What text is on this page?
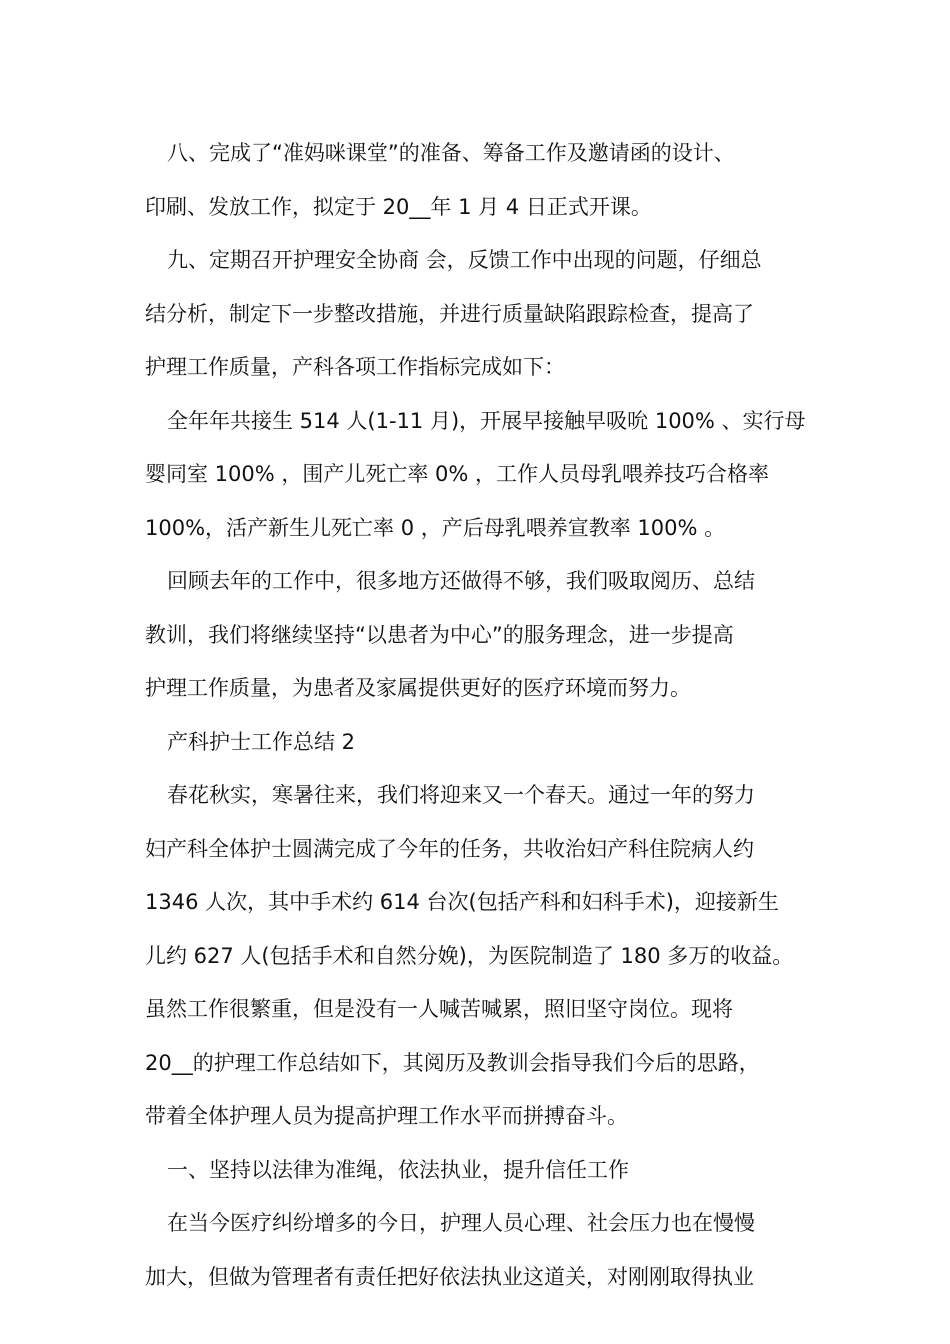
八、完成了“准妈咪课堂”的准备、筹备工作及邀请函的设计、
印刷、发放工作，拟定于 20__年 1 月 4 日正式开课。
九、定期召开护理安全协商 会，反馈工作中出现的问题，仔细总
结分析，制定下一步整改措施，并进行质量缺陷跟踪检查，提高了
护理工作质量，产科各项工作指标完成如下：
全年年共接生 514 人(1-11 月)，开展早接触早吸吮 100% 、实行母
婴同室 100% ，围产儿死亡率 0% ，工作人员母乳喂养技巧合格率
100%，活产新生儿死亡率 0 ，产后母乳喂养宣教率 100% 。
回顾去年的工作中，很多地方还做得不够，我们吸取阅历、总结
教训，我们将继续坚持“以患者为中心”的服务理念，进一步提高
护理工作质量，为患者及家属提供更好的医疗环境而努力。
产科护士工作总结 2
春花秋实，寒暑往来，我们将迎来又一个春天。通过一年的努力
妇产科全体护士圆满完成了今年的任务，共收治妇产科住院病人约
1346 人次，其中手术约 614 台次(包括产科和妇科手术)，迎接新生
儿约 627 人(包括手术和自然分娩)，为医院制造了 180 多万的收益。
虽然工作很繁重，但是没有一人喊苦喊累，照旧坚守岗位。现将
20__的护理工作总结如下，其阅历及教训会指导我们今后的思路，
带着全体护理人员为提高护理工作水平而拼搏奋斗。
一、坚持以法律为准绳，依法执业，提升信任工作
在当今医疗纠纷增多的今日，护理人员心理、社会压力也在慢慢
加大，但做为管理者有责任把好依法执业这道关，对刚刚取得执业
